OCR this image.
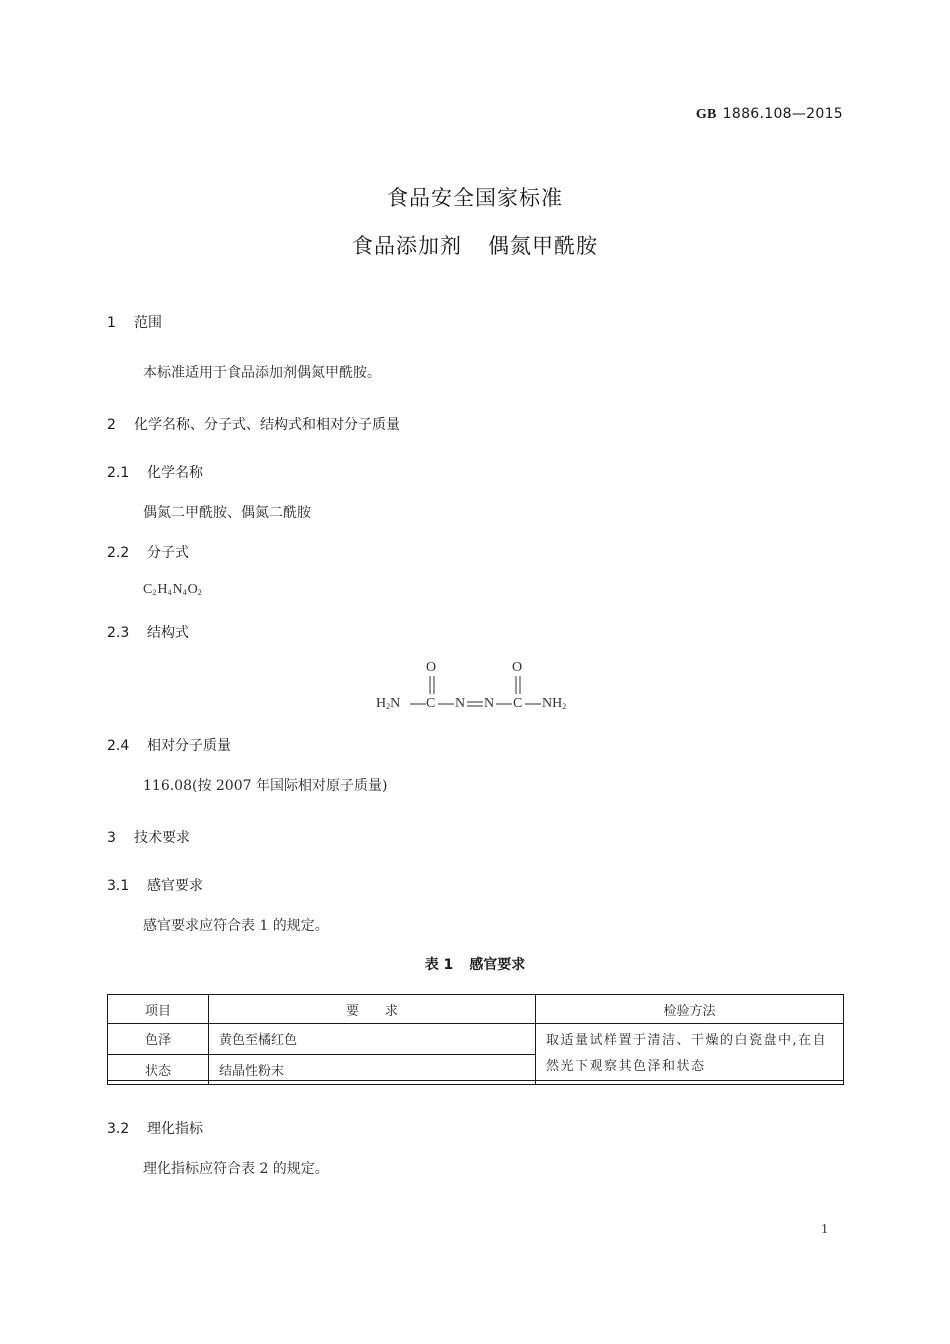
GB 1886.108—2015
食品安全国家标准
食品添加剂 偶氮甲酰胺
1 范围
本标准适用于食品添加剂偶氮甲酰胺。
2 化学名称、分子式、结构式和相对分子质量
2.1 化学名称
偶氮二甲酰胺、偶氮二酰胺
2.2 分子式
$C_2H_4N_4O_2$
2.3 结构式
O	O
$H_2N$ C N N C $NH_2$
2.4 相对分子质量
116.08(按 2007 年国际相对原子质量)
3 技术要求
3.1 感官要求
感官要求应符合表 1 的规定。
表 1 感官要求
项目	要　　求	检验方法
色泽	黄色至橘红色	取适量试样置于清洁、干燥的白瓷盘中,在自然光下观察其色泽和状态
状态	结晶性粉末	
3.2 理化指标
理化指标应符合表 2 的规定。
1
